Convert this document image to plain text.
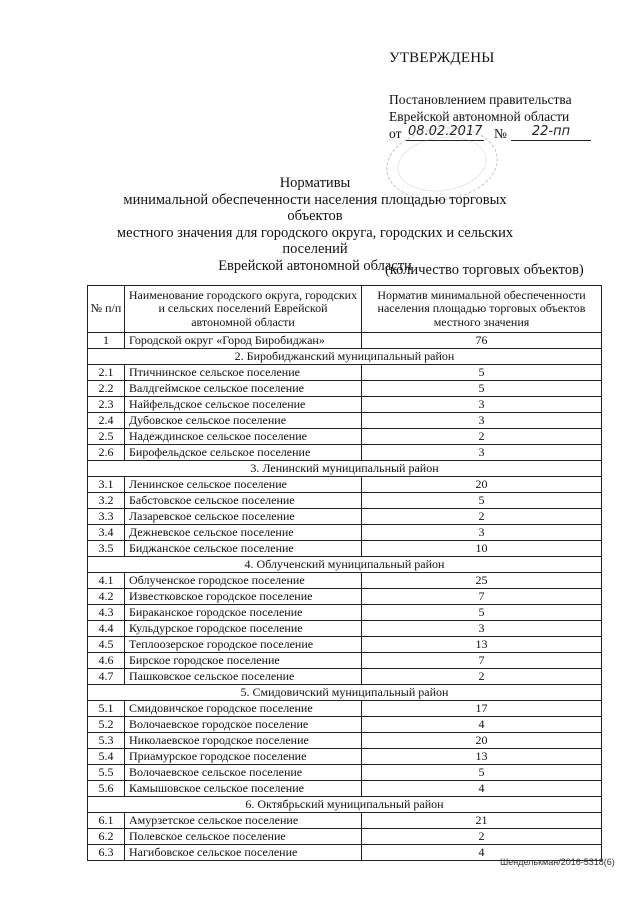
УТВЕРЖДЕНЫ
Постановлением правительства
Еврейской автономной области
от 08.02.2017 №	22-пп
Нормативы
минимальной обеспеченности населения площадью торговых объектов
местного значения для городского округа, городских и сельских поселений
Еврейской автономной области
(количество торговых объектов)
№ п/п	Наименование городского округа, городских и сельских поселений Еврейской автономной области	Норматив минимальной обеспеченности населения площадью торговых объектов местного значения
1	Городской округ «Город Биробиджан»	76
2. Биробиджанский муниципальный район		
2.1	Птичнинское сельское поселение	5
2.2	Валдгеймское сельское поселение	5
2.3	Найфельдское сельское поселение	3
2.4	Дубовское сельское поселение	3
2.5	Надеждинское сельское поселение	2
2.6	Бирофельдское сельское поселение	3
3. Ленинский муниципальный район		
3.1	Ленинское сельское поселение	20
3.2	Бабстовское сельское поселение	5
3.3	Лазаревское сельское поселение	2
3.4	Дежневское сельское поселение	3
3.5	Биджанское сельское поселение	10
4. Облученский муниципальный район		
4.1	Облученское городское поселение	25
4.2	Известковское городское поселение	7
4.3	Бираканское городское поселение	5
4.4	Кульдурское городское поселение	3
4.5	Теплоозерское городское поселение	13
4.6	Бирское городское поселение	7
4.7	Пашковское сельское поселение	2
5. Смидовичский муниципальный район		
5.1	Смидовичское городское поселение	17
5.2	Волочаевское городское поселение	4
5.3	Николаевское городское поселение	20
5.4	Приамурское городское поселение	13
5.5	Волочаевское сельское поселение	5
5.6	Камышовское сельское поселение	4
6. Октябрьский муниципальный район		
6.1	Амурзетское сельское поселение	21
6.2	Полевское сельское поселение	2
6.3	Нагибовское сельское поселение	4
Шенделькман/2016-5318(6)
